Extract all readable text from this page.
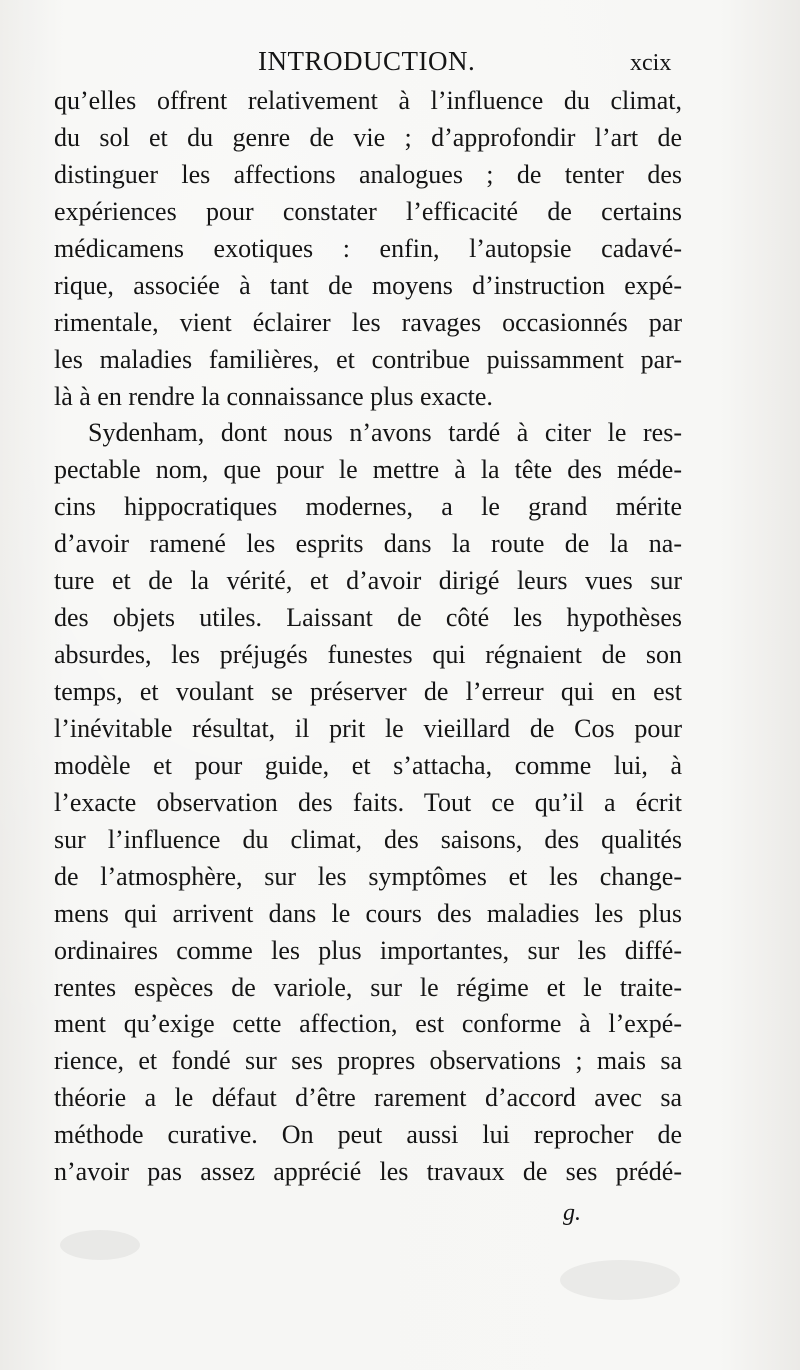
INTRODUCTION.	xcix
qu’elles offrent relativement à l’influence du climat,
du sol et du genre de vie ; d’approfondir l’art de
distinguer les affections analogues ; de tenter des
expériences pour constater l’efficacité de certains
médicamens exotiques : enfin, l’autopsie cadavé-
rique, associée à tant de moyens d’instruction expé-
rimentale, vient éclairer les ravages occasionnés par
les maladies familières, et contribue puissamment par-
là à en rendre la connaissance plus exacte.
Sydenham, dont nous n’avons tardé à citer le res-
pectable nom, que pour le mettre à la tête des méde-
cins hippocratiques modernes, a le grand mérite
d’avoir ramené les esprits dans la route de la na-
ture et de la vérité, et d’avoir dirigé leurs vues sur
des objets utiles. Laissant de côté les hypothèses
absurdes, les préjugés funestes qui régnaient de son
temps, et voulant se préserver de l’erreur qui en est
l’inévitable résultat, il prit le vieillard de Cos pour
modèle et pour guide, et s’attacha, comme lui, à
l’exacte observation des faits. Tout ce qu’il a écrit
sur l’influence du climat, des saisons, des qualités
de l’atmosphère, sur les symptômes et les change-
mens qui arrivent dans le cours des maladies les plus
ordinaires comme les plus importantes, sur les diffé-
rentes espèces de variole, sur le régime et le traite-
ment qu’exige cette affection, est conforme à l’expé-
rience, et fondé sur ses propres observations ; mais sa
théorie a le défaut d’être rarement d’accord avec sa
méthode curative. On peut aussi lui reprocher de
n’avoir pas assez apprécié les travaux de ses prédé-
g.
